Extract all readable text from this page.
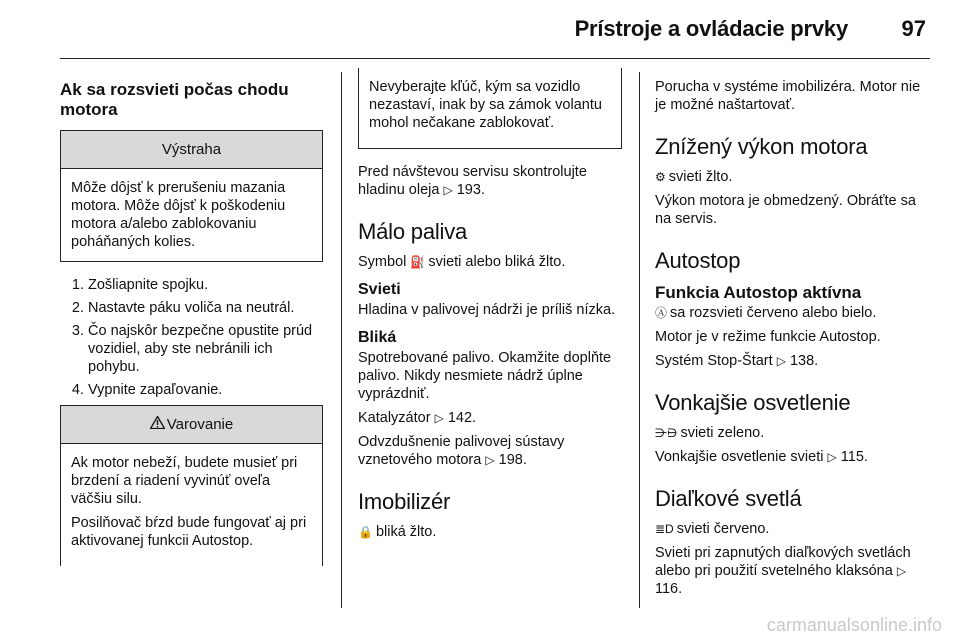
Prístroje a ovládacie prvky 97
Ak sa rozsvieti počas chodu motora
Výstraha

Môže dôjsť k prerušeniu mazania motora. Môže dôjsť k poškodeniu motora a/alebo zablokovaniu poháňaných kolies.

1. Zošliapnite spojku.
2. Nastavte páku voliča na neutrál.
3. Čo najskôr bezpečne opustite prúd vozidiel, aby ste nebránili ich pohybu.
4. Vypnite zapaľovanie.
Varovanie

Ak motor nebeží, budete musieť pri brzdení a riadení vyvinúť oveľa väčšiu silu.

Posilňovač bŕzd bude fungovať aj pri aktivovanej funkcii Autostop.

Nevyberajte kľúč, kým sa vozidlo nezastaví, inak by sa zámok volantu mohol nečakane zablokovať.

Pred návštevou servisu skontrolujte hladinu oleja ▷ 193.

Málo paliva

Symbol ⛽ svieti alebo bliká žlto.

Svieti

Hladina v palivovej nádrži je príliš nízka.

Bliká

Spotrebované palivo. Okamžite doplňte palivo. Nikdy nesmiete nádrž úplne vyprázdniť.

Katalyzátor ▷ 142.

Odvzdušnenie palivovej sústavy vznetového motora ▷ 198.

Imobilizér

🔒 bliká žlto.

Porucha v systéme imobilizéra. Motor nie je možné naštartovať.

Znížený výkon motora

⚙ svieti žlto.

Výkon motora je obmedzený. Obráťte sa na servis.

Autostop
Funkcia Autostop aktívna

Ⓐ sa rozsvieti červeno alebo bielo.

Motor je v režime funkcie Autostop.

Systém Stop-Štart ▷ 138.

Vonkajšie osvetlenie

⋺⋻ svieti zeleno.

Vonkajšie osvetlenie svieti ▷ 115.

Diaľkové svetlá

≣D svieti červeno.

Svieti pri zapnutých diaľkových svetlách alebo pri použití svetelného klaksóna ▷ 116.

carmanualsonline.info
